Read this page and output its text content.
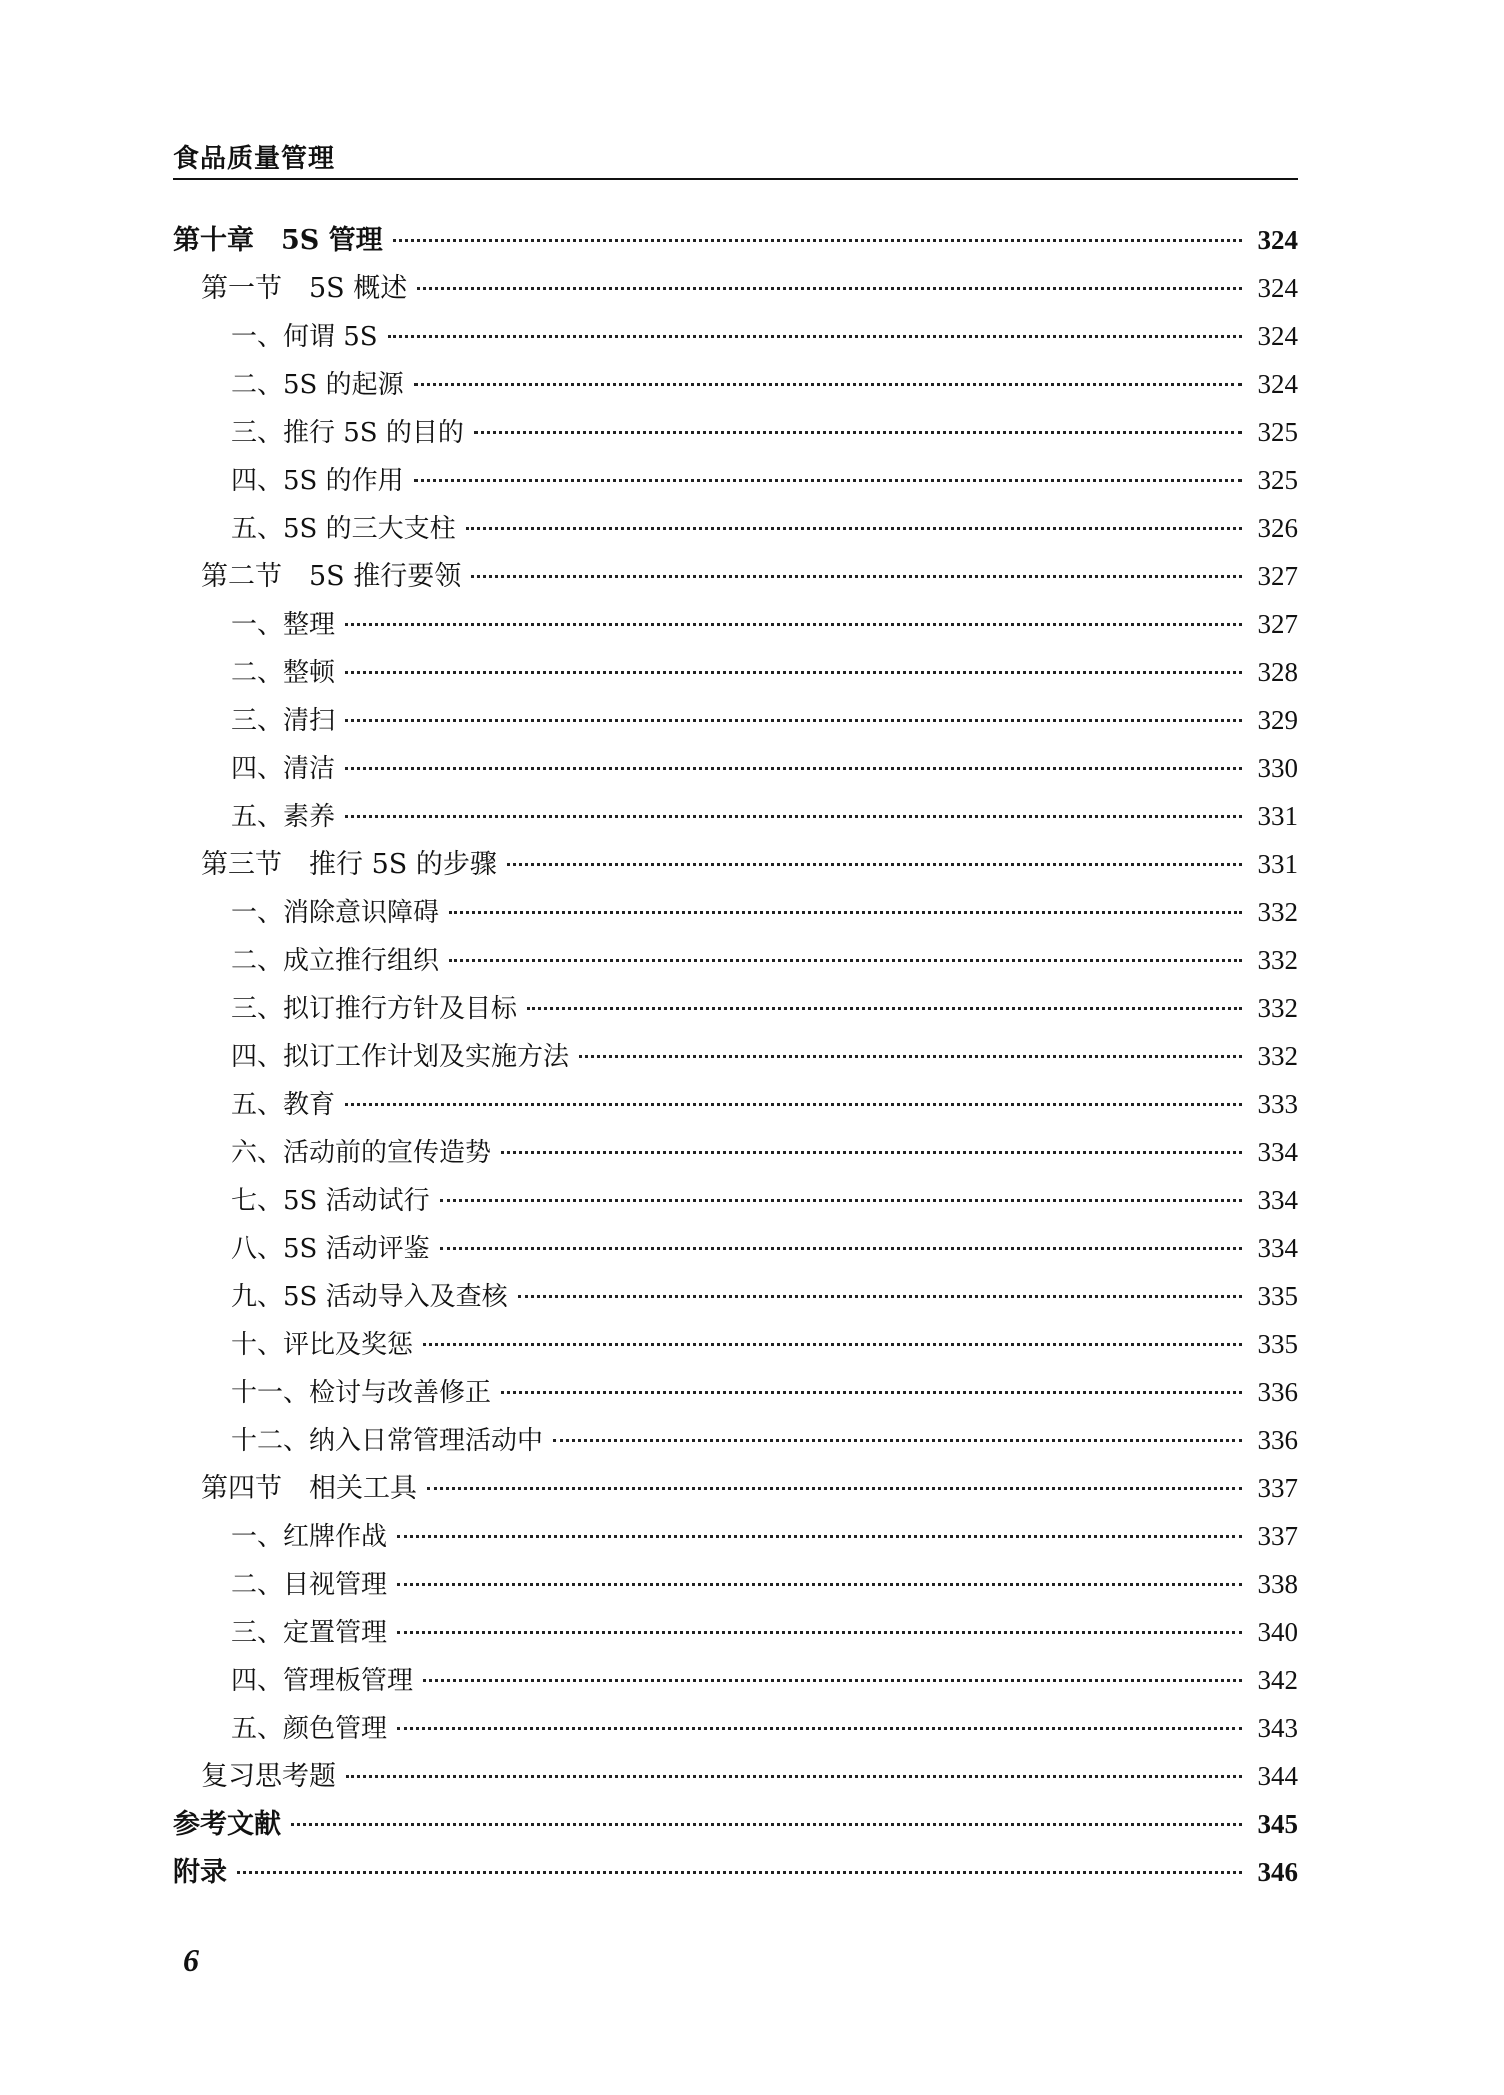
食品质量管理
第十章　5S 管理	324
第一节　5S 概述	324
一、何谓 5S	324
二、5S 的起源	324
三、推行 5S 的目的	325
四、5S 的作用	325
五、5S 的三大支柱	326
第二节　5S 推行要领	327
一、整理	327
二、整顿	328
三、清扫	329
四、清洁	330
五、素养	331
第三节　推行 5S 的步骤	331
一、消除意识障碍	332
二、成立推行组织	332
三、拟订推行方针及目标	332
四、拟订工作计划及实施方法	332
五、教育	333
六、活动前的宣传造势	334
七、5S 活动试行	334
八、5S 活动评鉴	334
九、5S 活动导入及查核	335
十、评比及奖惩	335
十一、检讨与改善修正	336
十二、纳入日常管理活动中	336
第四节　相关工具	337
一、红牌作战	337
二、目视管理	338
三、定置管理	340
四、管理板管理	342
五、颜色管理	343
复习思考题	344
参考文献	345
附录	346
6
